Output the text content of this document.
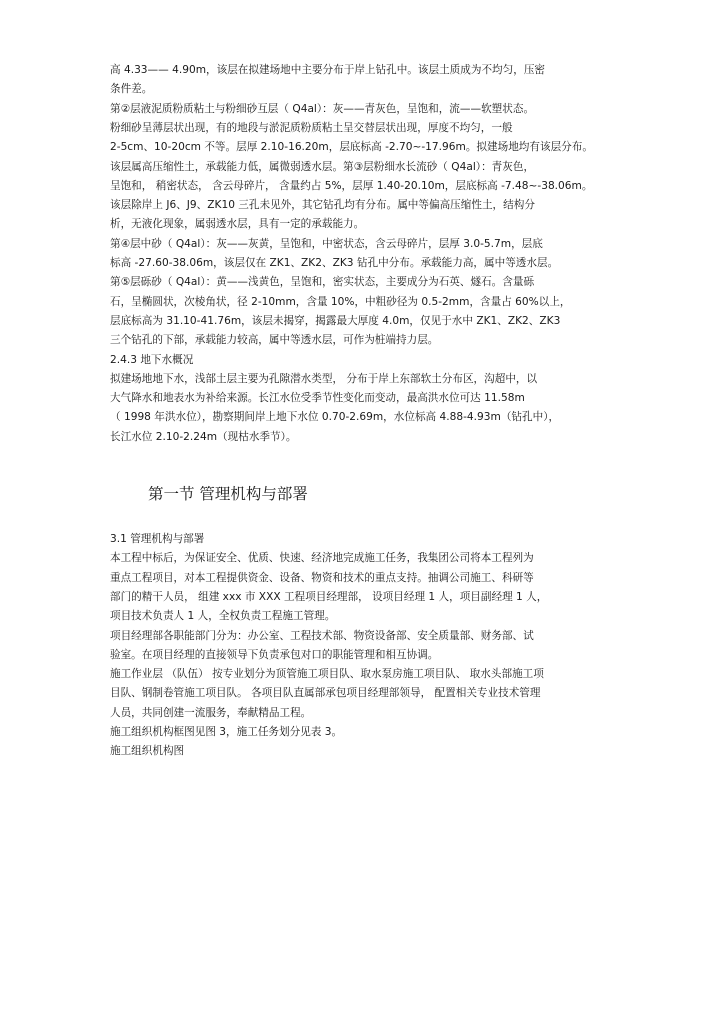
高 4.33—— 4.90m，该层在拟建场地中主要分布于岸上钻孔中。该层土质成为不均匀，压密
条件差。
第②层液泥质粉质粘土与粉细砂互层（ Q4al）：灰——青灰色，呈饱和，流——软塑状态。
粉细砂呈薄层状出现，有的地段与淤泥质粉质粘土呈交替层状出现，厚度不均匀，一般
2-5cm、10-20cm 不等。层厚 2.10-16.20m，层底标高 -2.70~-17.96m。拟建场地均有该层分布。
该层属高压缩性土，承载能力低，属微弱透水层。第③层粉细水长流砂（ Q4al）：青灰色，
呈饱和， 稍密状态， 含云母碎片， 含量约占 5%，层厚 1.40-20.10m，层底标高 -7.48~-38.06m。
该层除岸上 J6、J9、ZK10 三孔未见外，其它钻孔均有分布。属中等偏高压缩性土，结构分
析，无液化现象，属弱透水层，具有一定的承载能力。
第④层中砂（ Q4al）：灰——灰黄，呈饱和，中密状态，含云母碎片，层厚 3.0-5.7m，层底
标高 -27.60-38.06m，该层仅在 ZK1、ZK2、ZK3 钻孔中分布。承载能力高，属中等透水层。
第⑤层砾砂（ Q4al）：黄——浅黄色，呈饱和，密实状态，主要成分为石英、燧石。含量砾
石，呈椭圆状，次棱角状，径 2-10mm，含量 10%，中粗砂径为 0.5-2mm，含量占 60%以上，
层底标高为 31.10-41.76m，该层未揭穿，揭露最大厚度 4.0m，仅见于水中 ZK1、ZK2、ZK3
三个钻孔的下部，承载能力较高，属中等透水层，可作为桩端持力层。
2.4.3 地下水概况
拟建场地地下水，浅部土层主要为孔隙潜水类型， 分布于岸上东部软土分布区，沟超中，以
大气降水和地表水为补给来源。长江水位受季节性变化而变动，最高洪水位可达 11.58m
（ 1998 年洪水位），勘察期间岸上地下水位 0.70-2.69m，水位标高 4.88-4.93m（钻孔中），
长江水位 2.10-2.24m（现枯水季节）。
第一节 管理机构与部署
3.1 管理机构与部署
本工程中标后，为保证安全、优质、快速、经济地完成施工任务，我集团公司将本工程列为
重点工程项目，对本工程提供资金、设备、物资和技术的重点支持。抽调公司施工、科研等
部门的精干人员， 组建 xxx 市 XXX 工程项目经理部， 设项目经理 1 人，项目副经理 1 人，
项目技术负责人 1 人，全权负责工程施工管理。
项目经理部各职能部门分为：办公室、工程技术部、物资设备部、安全质量部、财务部、试
验室。在项目经理的直接领导下负责承包对口的职能管理和相互协调。
施工作业层 （队伍） 按专业划分为顶管施工项目队、取水泵房施工项目队、 取水头部施工项
目队、钢制卷管施工项目队。 各项目队直属部承包项目经理部领导， 配置相关专业技术管理
人员，共同创建一流服务，奉献精品工程。
施工组织机构框图见图 3，施工任务划分见表 3。
施工组织机构图
